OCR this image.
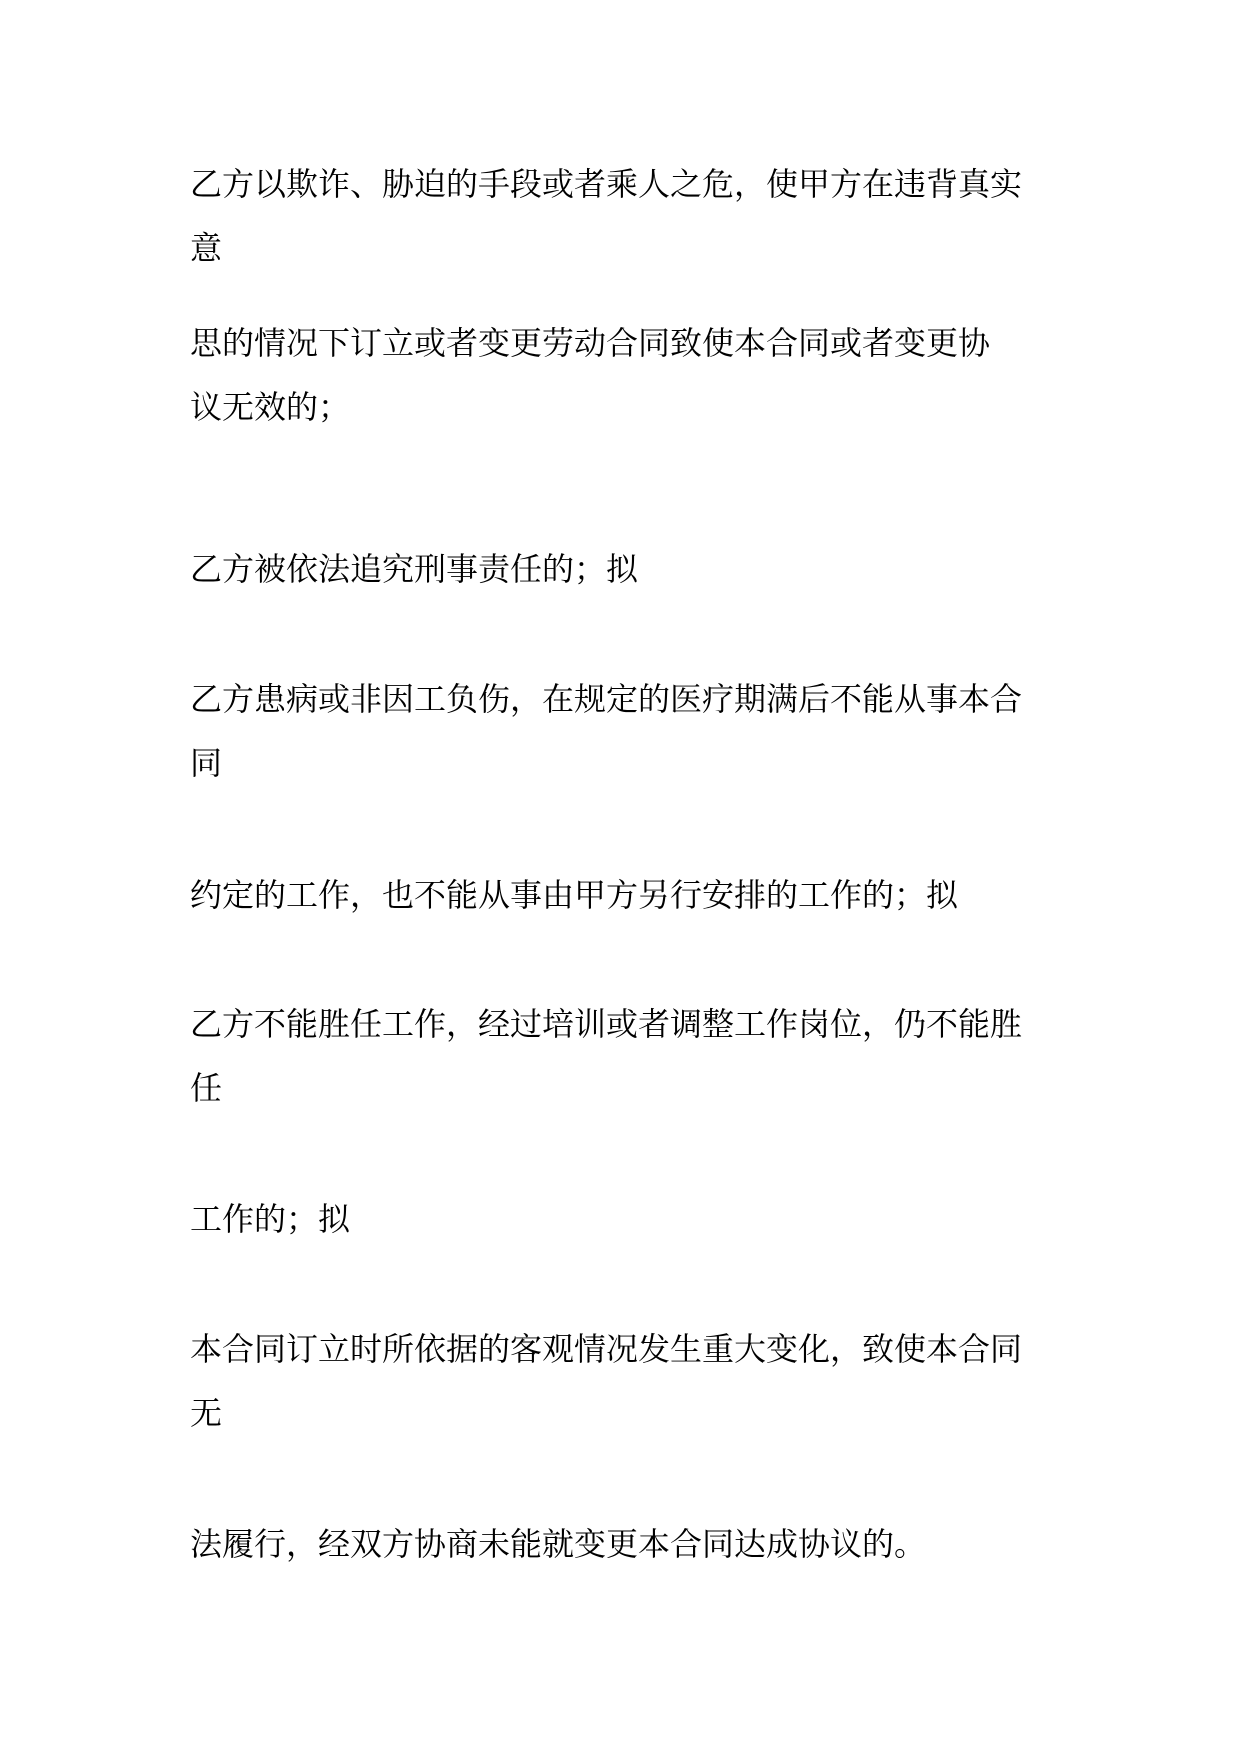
乙方以欺诈、胁迫的手段或者乘人之危，使甲方在违背真实
意

思的情况下订立或者变更劳动合同致使本合同或者变更协
议无效的；

乙方被依法追究刑事责任的；拟

乙方患病或非因工负伤，在规定的医疗期满后不能从事本合
同

约定的工作，也不能从事由甲方另行安排的工作的；拟

乙方不能胜任工作，经过培训或者调整工作岗位，仍不能胜
任

工作的；拟

本合同订立时所依据的客观情况发生重大变化，致使本合同
无

法履行，经双方协商未能就变更本合同达成协议的。
